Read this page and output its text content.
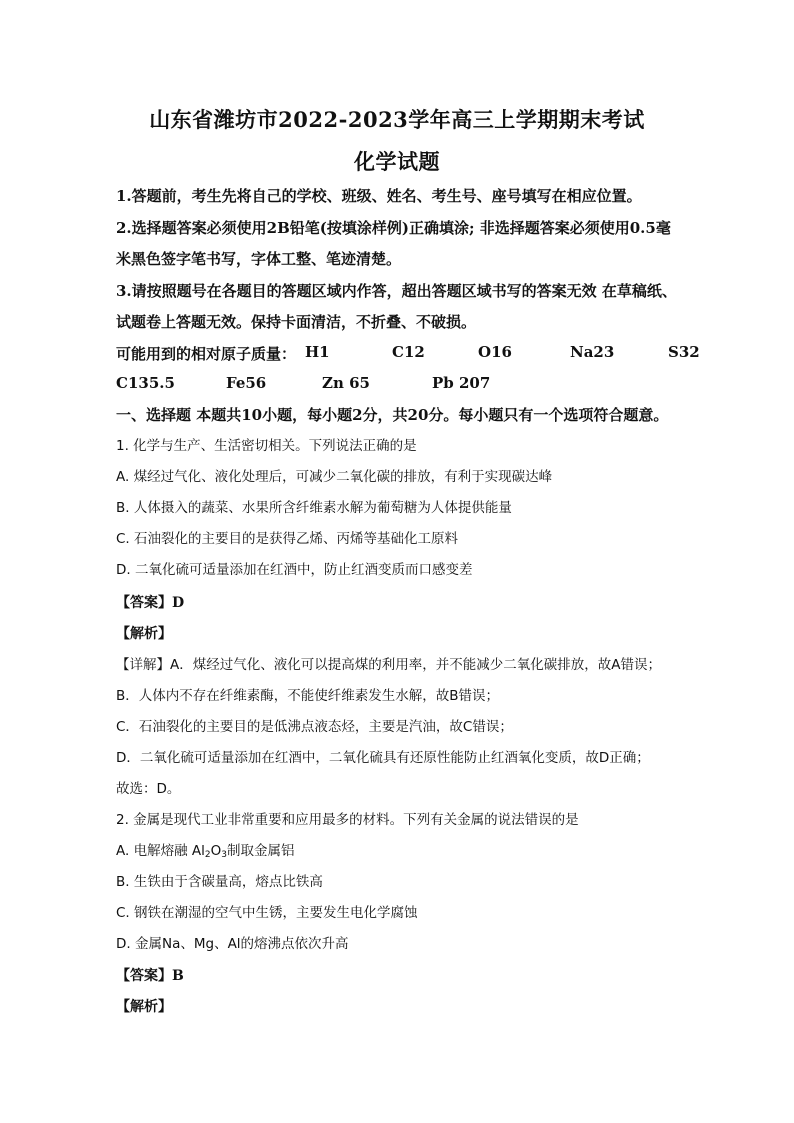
山东省潍坊市2022-2023学年高三上学期期末考试
化学试题
1.答题前，考生先将自己的学校、班级、姓名、考生号、座号填写在相应位置。
2.选择题答案必须使用2B铅笔(按填涂样例)正确填涂; 非选择题答案必须使用0.5毫
米黑色签字笔书写，字体工整、笔迹清楚。
3.请按照题号在各题目的答题区域内作答，超出答题区域书写的答案无效 在草稿纸、
试题卷上答题无效。保持卡面清洁，不折叠、不破损。
可能用到的相对原子质量： H1	C12	O16	Na23	S32
C135.5	Fe56	Zn 65	Pb 207
一、选择题 本题共10小题，每小题2分，共20分。每小题只有一个选项符合题意。
1. 化学与生产、生活密切相关。下列说法正确的是
A. 煤经过气化、液化处理后，可减少二氧化碳的排放，有利于实现碳达峰
B. 人体摄入的蔬菜、水果所含纤维素水解为葡萄糖为人体提供能量
C. 石油裂化的主要目的是获得乙烯、丙烯等基础化工原料
D. 二氧化硫可适量添加在红酒中，防止红酒变质而口感变差
【答案】D
【解析】
【详解】A．煤经过气化、液化可以提高煤的利用率，并不能减少二氧化碳排放，故A错误；
B．人体内不存在纤维素酶，不能使纤维素发生水解，故B错误；
C．石油裂化的主要目的是低沸点液态烃，主要是汽油，故C错误；
D．二氧化硫可适量添加在红酒中，二氧化硫具有还原性能防止红酒氧化变质，故D正确；
故选：D。
2. 金属是现代工业非常重要和应用最多的材料。下列有关金属的说法错误的是
A. 电解熔融 $Al_2O_3$制取金属铝
B. 生铁由于含碳量高，熔点比铁高
C. 钢铁在潮湿的空气中生锈，主要发生电化学腐蚀
D. 金属Na、Mg、Al的熔沸点依次升高
【答案】B
【解析】
